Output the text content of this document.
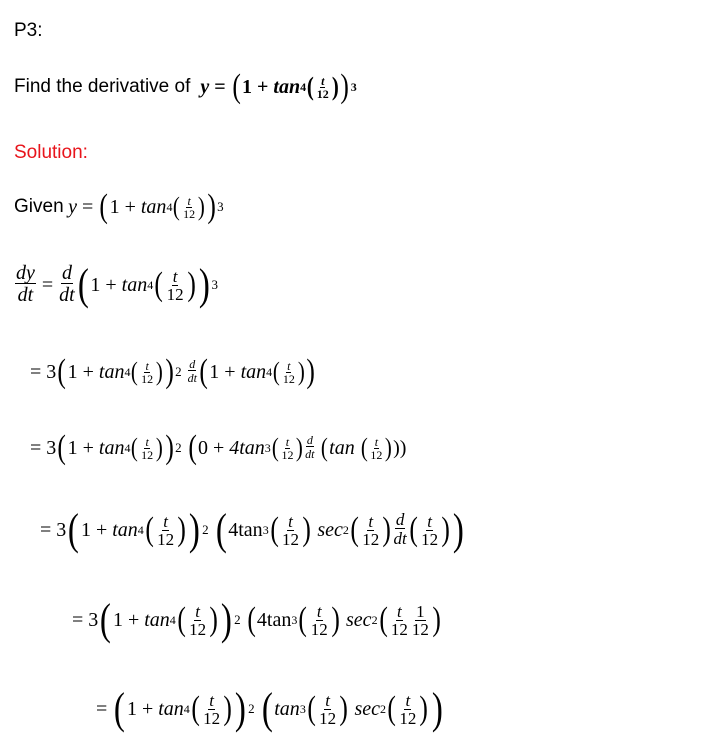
P3:
Find the derivative of y
=
( 1
+
tan 4 ( $\frac{t}{12}$ ) ) 3
Solution:
Given
y
=
( 1
+
tan 4 ( $\frac{t}{12}$ ) ) 3
$\frac{dy}{dt}$
=
$\frac{d}{dt}$ ( 1
+
tan 4 ( $\frac{t}{12}$ ) ) 3
=
3 ( 1
+
tan 4 ( $\frac{t}{12}$ ) ) 2
$\frac{d}{dt}$ ( 1
+
tan 4 ( $\frac{t}{12}$ ) )
=
3 ( 1
+
tan 4 ( $\frac{t}{12}$ ) ) 2
( 0
+
4tan 3 ( $\frac{t}{12}$ ) $\frac{d}{dt}$
( tan
( $\frac{t}{12}$ ) ))
=
3 ( 1
+
tan 4 ( $\frac{t}{12}$ ) ) 2
( 4tan 3 ( $\frac{t}{12}$ )
sec 2 ( $\frac{t}{12}$ ) $\frac{d}{dt}$ ( $\frac{t}{12}$ ) )
=
3 ( 1
+
tan 4 ( $\frac{t}{12}$ ) ) 2
( 4tan 3 ( $\frac{t}{12}$ )
sec 2 ( $\frac{t}{12} \frac{1}{12}$ )
=
( 1
+
tan 4 ( $\frac{t}{12}$ ) ) 2
( tan 3 ( $\frac{t}{12}$ )
sec 2 ( $\frac{t}{12}$ ) )
